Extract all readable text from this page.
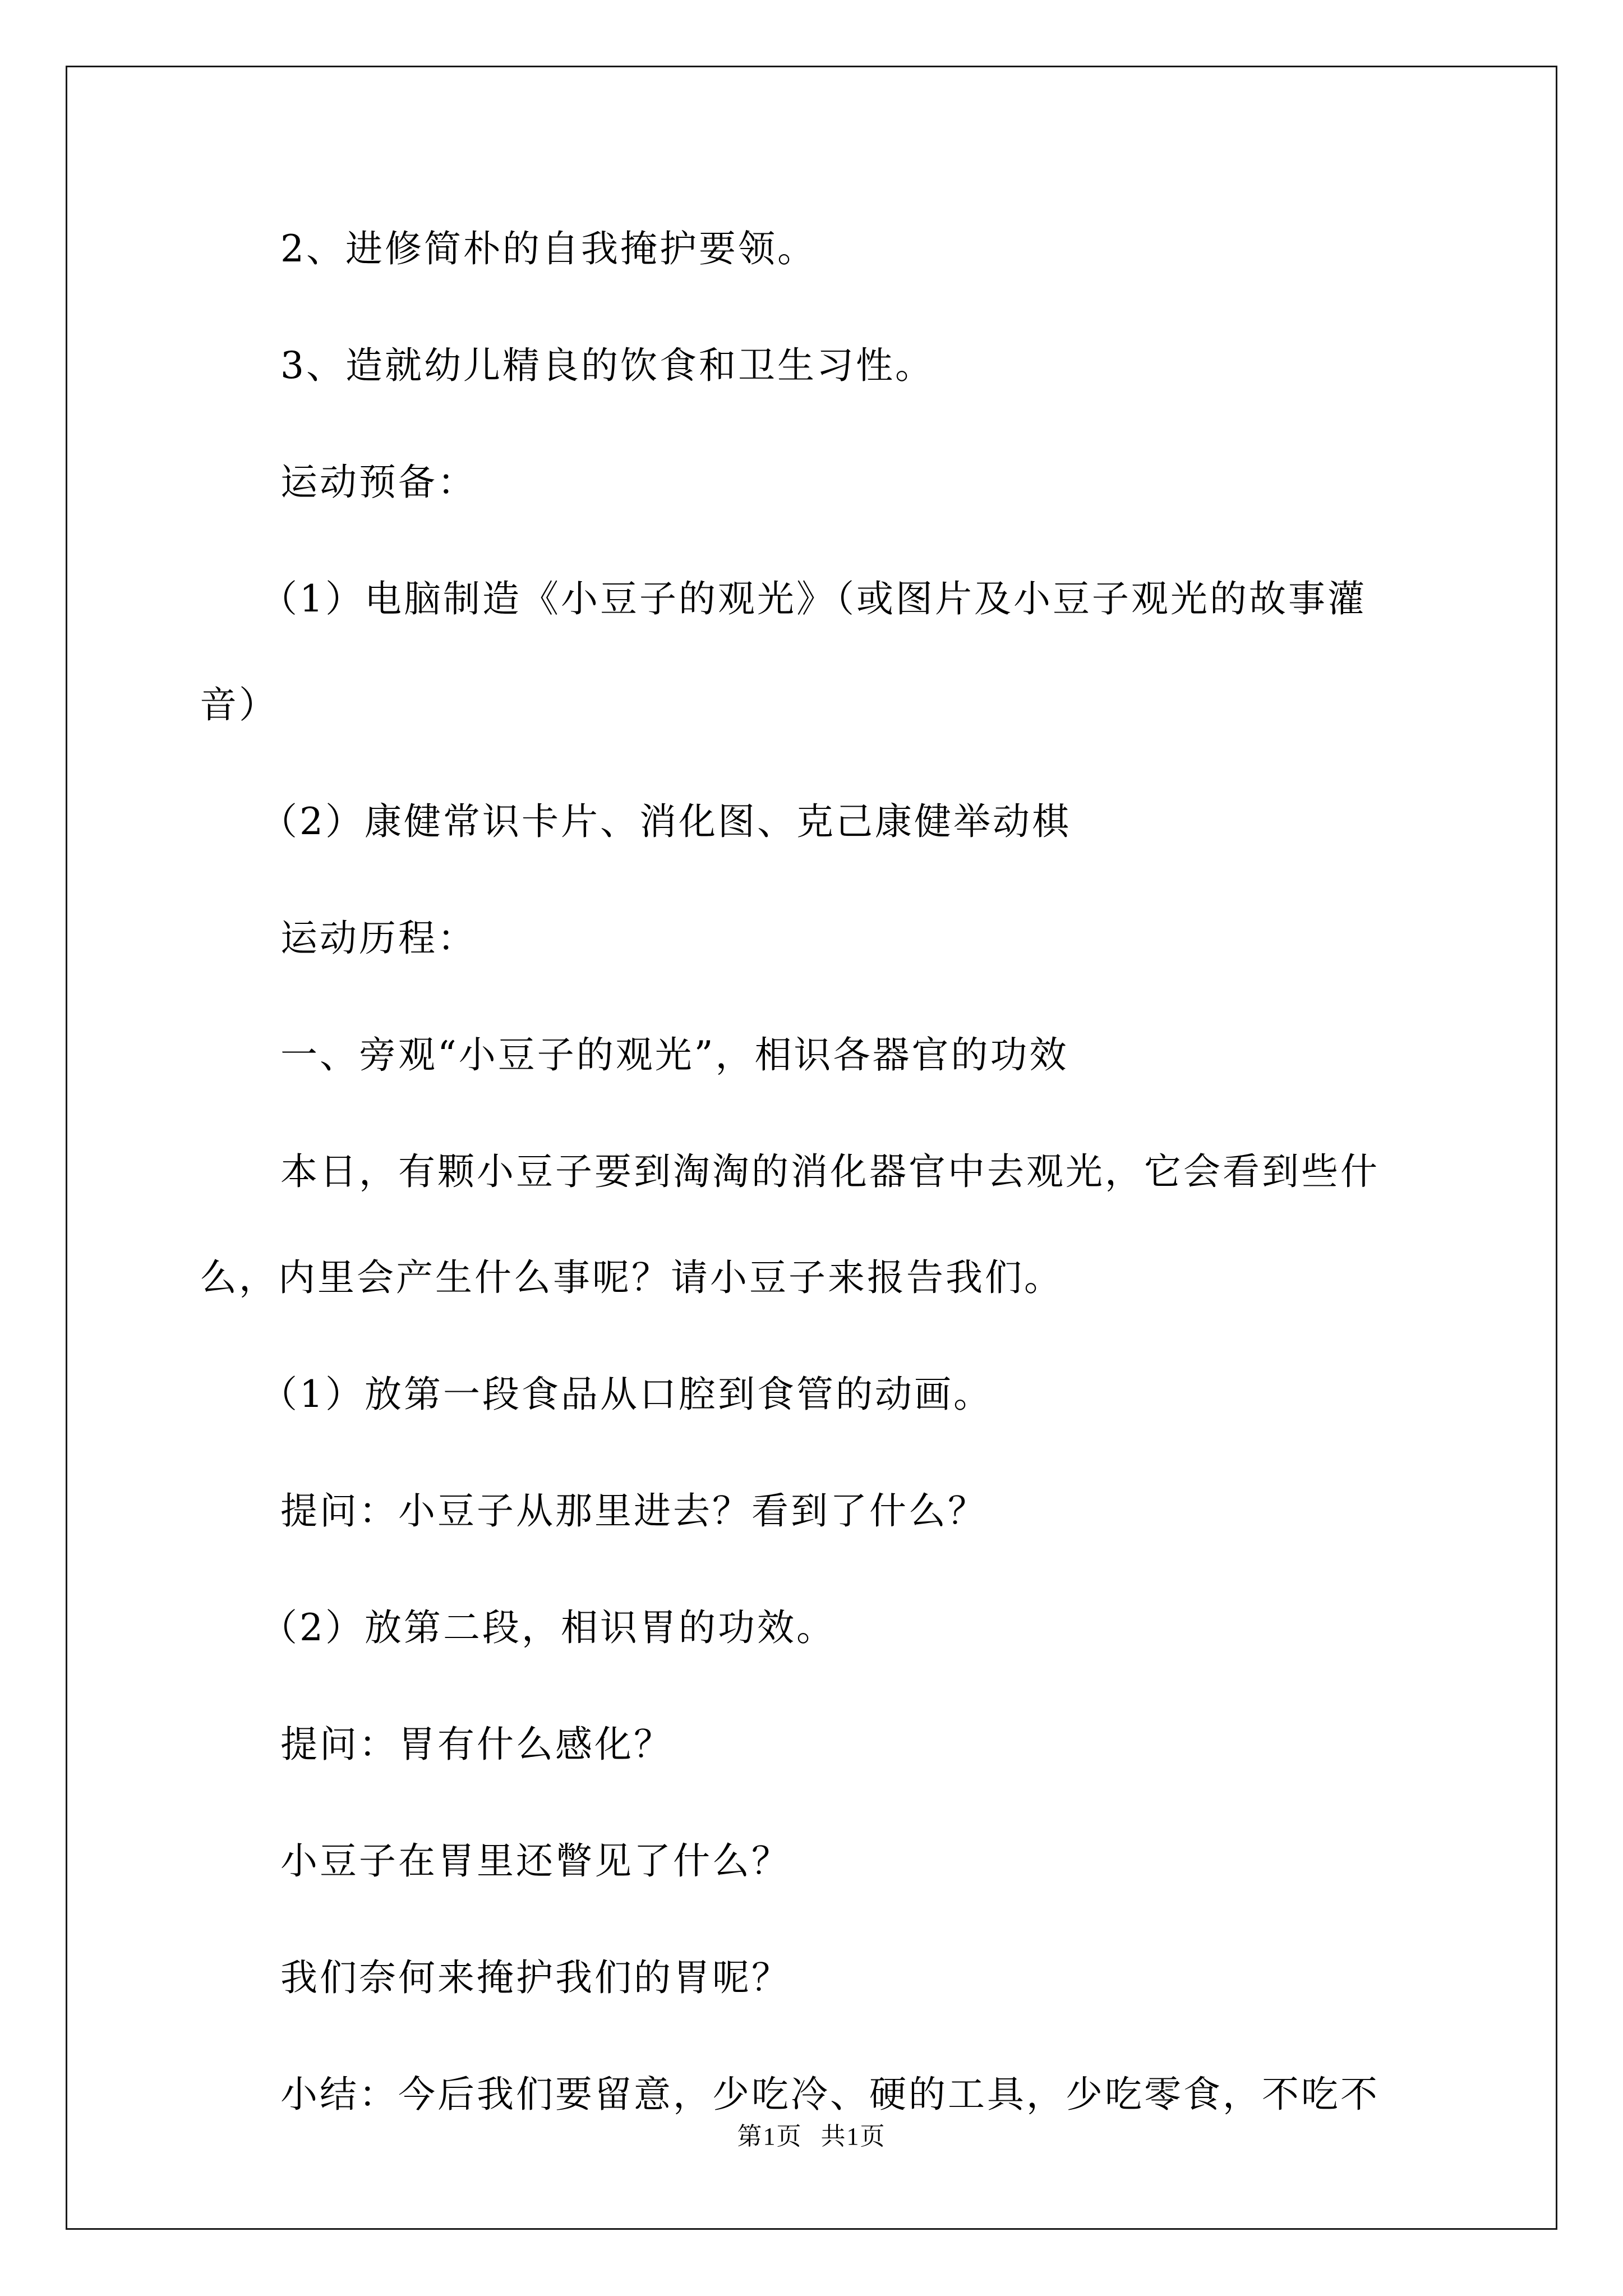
2、进修简朴的自我掩护要领。
3、造就幼儿精良的饮食和卫生习性。
运动预备：
（1）电脑制造《小豆子的观光》（或图片及小豆子观光的故事灌
音）
（2）康健常识卡片、消化图、克己康健举动棋
运动历程：
一、旁观“小豆子的观光”，相识各器官的功效
本日，有颗小豆子要到淘淘的消化器官中去观光，它会看到些什
么，内里会产生什么事呢？请小豆子来报告我们。
（1）放第一段食品从口腔到食管的动画。
提问：小豆子从那里进去？看到了什么？
（2）放第二段，相识胃的功效。
提问：胃有什么感化？
小豆子在胃里还瞥见了什么？
我们奈何来掩护我们的胃呢？
小结：今后我们要留意，少吃冷、硬的工具，少吃零食，不吃不
第1页 共1页
